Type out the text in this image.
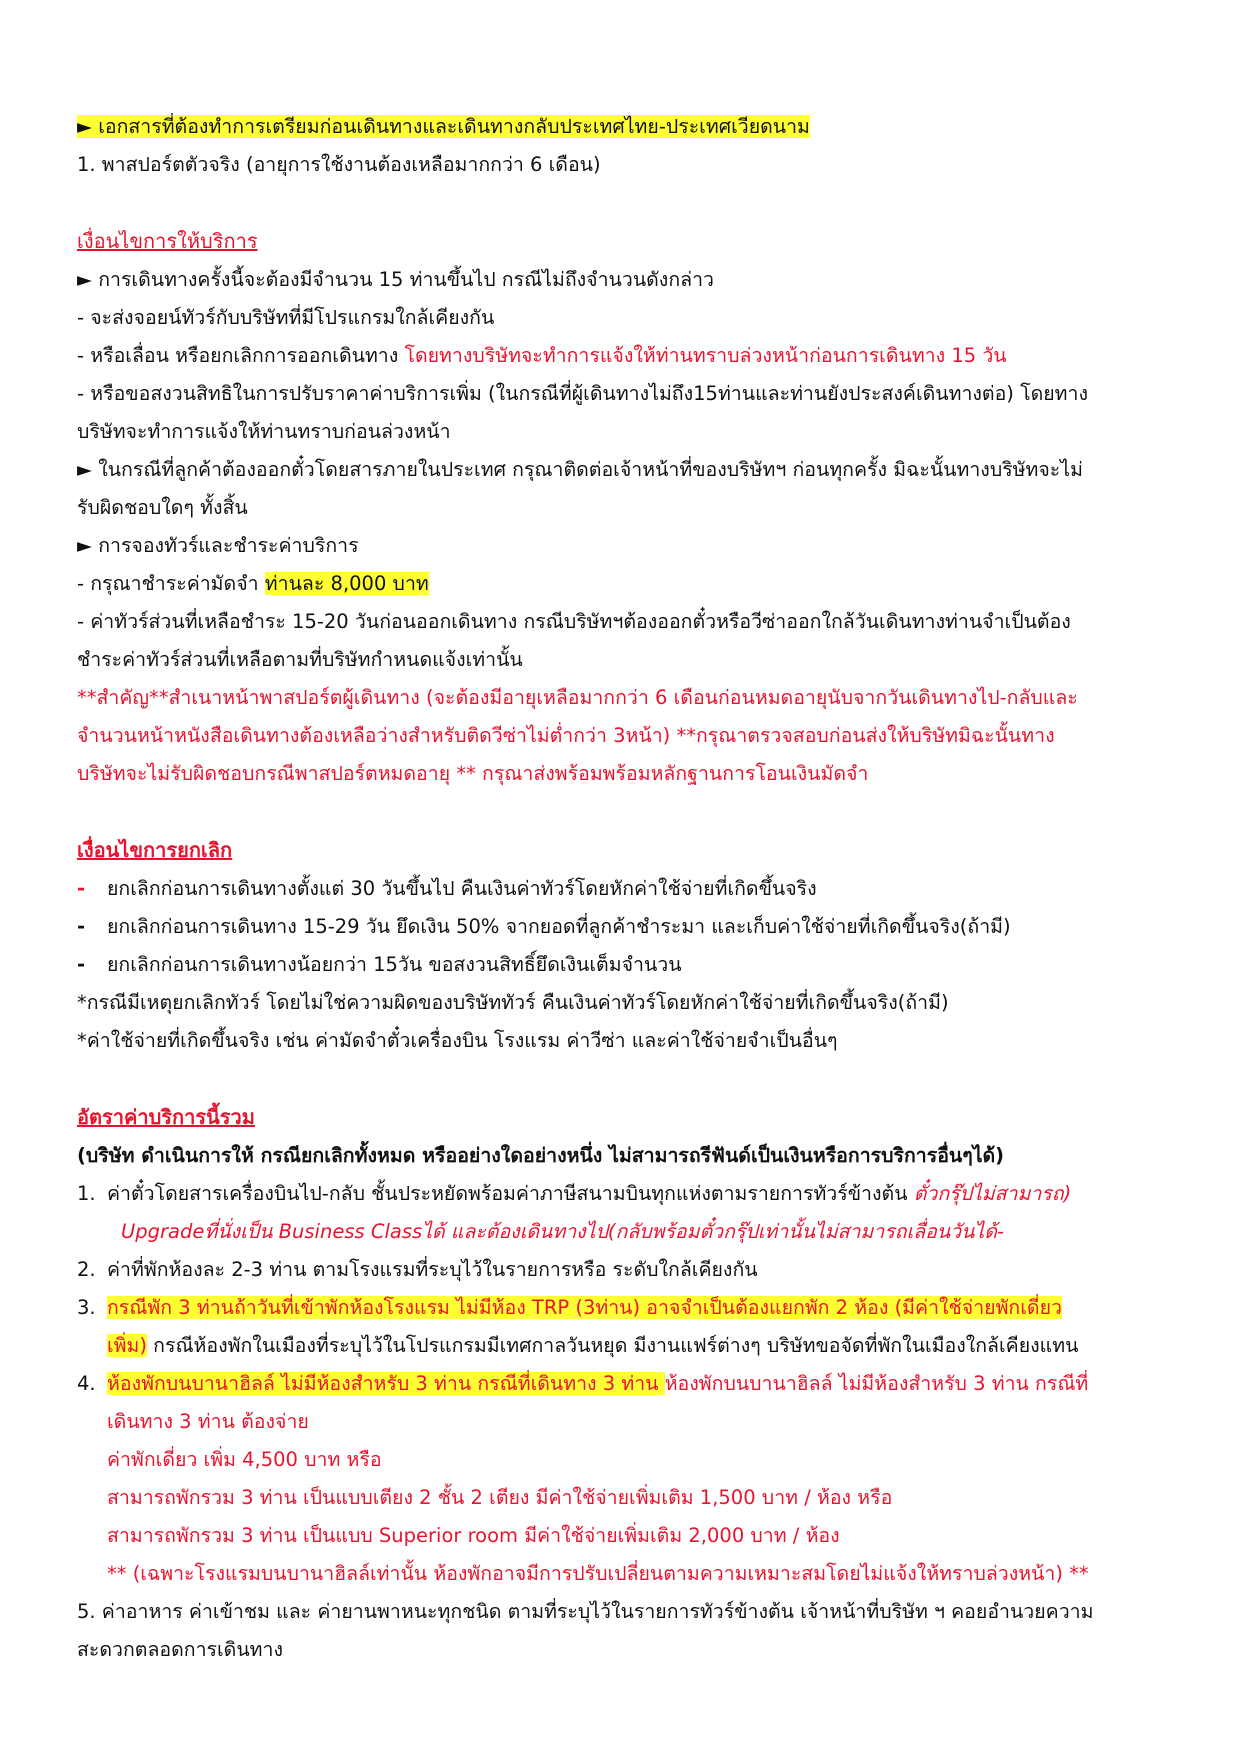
► เอกสารที่ต้องทำการเตรียมก่อนเดินทางและเดินทางกลับประเทศไทย-ประเทศเวียดนาม
1. พาสปอร์ตตัวจริง (อายุการใช้งานต้องเหลือมากกว่า 6 เดือน)
เงื่อนไขการให้บริการ
► การเดินทางครั้งนี้จะต้องมีจำนวน 15 ท่านขึ้นไป กรณีไม่ถึงจำนวนดังกล่าว
- จะส่งจอยน์ทัวร์กับบริษัทที่มีโปรแกรมใกล้เคียงกัน
- หรือเลื่อน หรือยกเลิกการออกเดินทาง โดยทางบริษัทจะทำการแจ้งให้ท่านทราบล่วงหน้าก่อนการเดินทาง 15 วัน
- หรือขอสงวนสิทธิในการปรับราคาค่าบริการเพิ่ม (ในกรณีที่ผู้เดินทางไม่ถึง15ท่านและท่านยังประสงค์เดินทางต่อ) โดยทาง
บริษัทจะทำการแจ้งให้ท่านทราบก่อนล่วงหน้า
► ในกรณีที่ลูกค้าต้องออกตั๋วโดยสารภายในประเทศ กรุณาติดต่อเจ้าหน้าที่ของบริษัทฯ ก่อนทุกครั้ง มิฉะนั้นทางบริษัทจะไม่
รับผิดชอบใดๆ ทั้งสิ้น
► การจองทัวร์และชำระค่าบริการ
- กรุณาชำระค่ามัดจำ ท่านละ 8,000 บาท
- ค่าทัวร์ส่วนที่เหลือชำระ 15-20 วันก่อนออกเดินทาง กรณีบริษัทฯต้องออกตั๋วหรือวีซ่าออกใกล้วันเดินทางท่านจำเป็นต้อง
ชำระค่าทัวร์ส่วนที่เหลือตามที่บริษัทกำหนดแจ้งเท่านั้น
**สำคัญ**สำเนาหน้าพาสปอร์ตผู้เดินทาง (จะต้องมีอายุเหลือมากกว่า 6 เดือนก่อนหมดอายุนับจากวันเดินทางไป-กลับและ
จำนวนหน้าหนังสือเดินทางต้องเหลือว่างสำหรับติดวีซ่าไม่ต่ำกว่า 3หน้า) **กรุณาตรวจสอบก่อนส่งให้บริษัทมิฉะนั้นทาง
บริษัทจะไม่รับผิดชอบกรณีพาสปอร์ตหมดอายุ ** กรุณาส่งพร้อมพร้อมหลักฐานการโอนเงินมัดจำ
เงื่อนไขการยกเลิก
- ยกเลิกก่อนการเดินทางตั้งแต่ 30 วันขึ้นไป คืนเงินค่าทัวร์โดยหักค่าใช้จ่ายที่เกิดขึ้นจริง
- ยกเลิกก่อนการเดินทาง 15-29 วัน ยึดเงิน 50% จากยอดที่ลูกค้าชำระมา และเก็บค่าใช้จ่ายที่เกิดขึ้นจริง(ถ้ามี)
- ยกเลิกก่อนการเดินทางน้อยกว่า 15วัน ขอสงวนสิทธิ์ยึดเงินเต็มจำนวน
*กรณีมีเหตุยกเลิกทัวร์ โดยไม่ใช่ความผิดของบริษัททัวร์ คืนเงินค่าทัวร์โดยหักค่าใช้จ่ายที่เกิดขึ้นจริง(ถ้ามี)
*ค่าใช้จ่ายที่เกิดขึ้นจริง เช่น ค่ามัดจำตั๋วเครื่องบิน โรงแรม ค่าวีซ่า และค่าใช้จ่ายจำเป็นอื่นๆ
อัตราค่าบริการนี้รวม
(บริษัท ดำเนินการให้ กรณียกเลิกทั้งหมด หรืออย่างใดอย่างหนึ่ง ไม่สามารถรีฟันด์เป็นเงินหรือการบริการอื่นๆได้)
1. ค่าตั๋วโดยสารเครื่องบินไป-กลับ ชั้นประหยัดพร้อมค่าภาษีสนามบินทุกแห่งตามรายการทัวร์ข้างต้น ตั๋วกรุ๊ปไม่สามารถ)
Upgradeที่นั่งเป็น Business Classได้ และต้องเดินทางไป(กลับพร้อมตั๋วกรุ๊ปเท่านั้นไม่สามารถเลื่อนวันได้-
2. ค่าที่พักห้องละ 2-3 ท่าน ตามโรงแรมที่ระบุไว้ในรายการหรือ ระดับใกล้เคียงกัน
3. กรณีพัก 3 ท่านถ้าวันที่เข้าพักห้องโรงแรม ไม่มีห้อง TRP (3ท่าน) อาจจำเป็นต้องแยกพัก 2 ห้อง (มีค่าใช้จ่ายพักเดี่ยว
เพิ่ม) กรณีห้องพักในเมืองที่ระบุไว้ในโปรแกรมมีเทศกาลวันหยุด มีงานแฟร์ต่างๆ บริษัทขอจัดที่พักในเมืองใกล้เคียงแทน
4. ห้องพักบนบานาฮิลล์ ไม่มีห้องสำหรับ 3 ท่าน กรณีที่เดินทาง 3 ท่าน ห้องพักบนบานาฮิลล์ ไม่มีห้องสำหรับ 3 ท่าน กรณีที่
เดินทาง 3 ท่าน ต้องจ่าย
ค่าพักเดี่ยว เพิ่ม 4,500 บาท หรือ
สามารถพักรวม 3 ท่าน เป็นแบบเตียง 2 ชั้น 2 เตียง มีค่าใช้จ่ายเพิ่มเติม 1,500 บาท / ห้อง หรือ
สามารถพักรวม 3 ท่าน เป็นแบบ Superior room มีค่าใช้จ่ายเพิ่มเติม 2,000 บาท / ห้อง
** (เฉพาะโรงแรมบนบานาฮิลล์เท่านั้น ห้องพักอาจมีการปรับเปลี่ยนตามความเหมาะสมโดยไม่แจ้งให้ทราบล่วงหน้า) **
5. ค่าอาหาร ค่าเข้าชม และ ค่ายานพาหนะทุกชนิด ตามที่ระบุไว้ในรายการทัวร์ข้างต้น เจ้าหน้าที่บริษัท ฯ คอยอำนวยความ
สะดวกตลอดการเดินทาง
